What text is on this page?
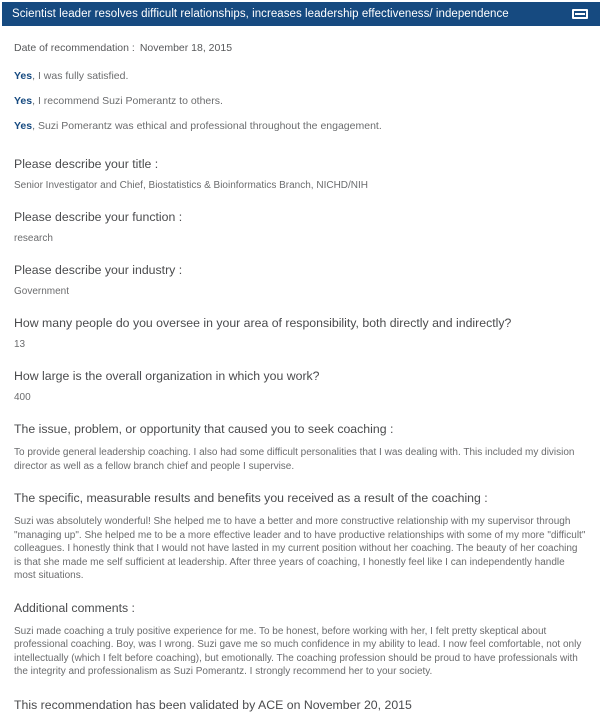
Scientist leader resolves difficult relationships, increases leadership effectiveness/ independence
Date of recommendation : November 18, 2015
Yes, I was fully satisfied.
Yes, I recommend Suzi Pomerantz to others.
Yes, Suzi Pomerantz was ethical and professional throughout the engagement.
Please describe your title :
Senior Investigator and Chief, Biostatistics & Bioinformatics Branch, NICHD/NIH
Please describe your function :
research
Please describe your industry :
Government
How many people do you oversee in your area of responsibility, both directly and indirectly?
13
How large is the overall organization in which you work?
400
The issue, problem, or opportunity that caused you to seek coaching :
To provide general leadership coaching. I also had some difficult personalities that I was dealing with. This included my division director as well as a fellow branch chief and people I supervise.
The specific, measurable results and benefits you received as a result of the coaching :
Suzi was absolutely wonderful! She helped me to have a better and more constructive relationship with my supervisor through "managing up". She helped me to be a more effective leader and to have productive relationships with some of my more "difficult" colleagues. I honestly think that I would not have lasted in my current position without her coaching. The beauty of her coaching is that she made me self sufficient at leadership. After three years of coaching, I honestly feel like I can independently handle most situations.
Additional comments :
Suzi made coaching a truly positive experience for me. To be honest, before working with her, I felt pretty skeptical about professional coaching. Boy, was I wrong. Suzi gave me so much confidence in my ability to lead. I now feel comfortable, not only intellectually (which I felt before coaching), but emotionally. The coaching profession should be proud to have professionals with the integrity and professionalism as Suzi Pomerantz. I strongly recommend her to your society.
This recommendation has been validated by ACE on November 20, 2015
